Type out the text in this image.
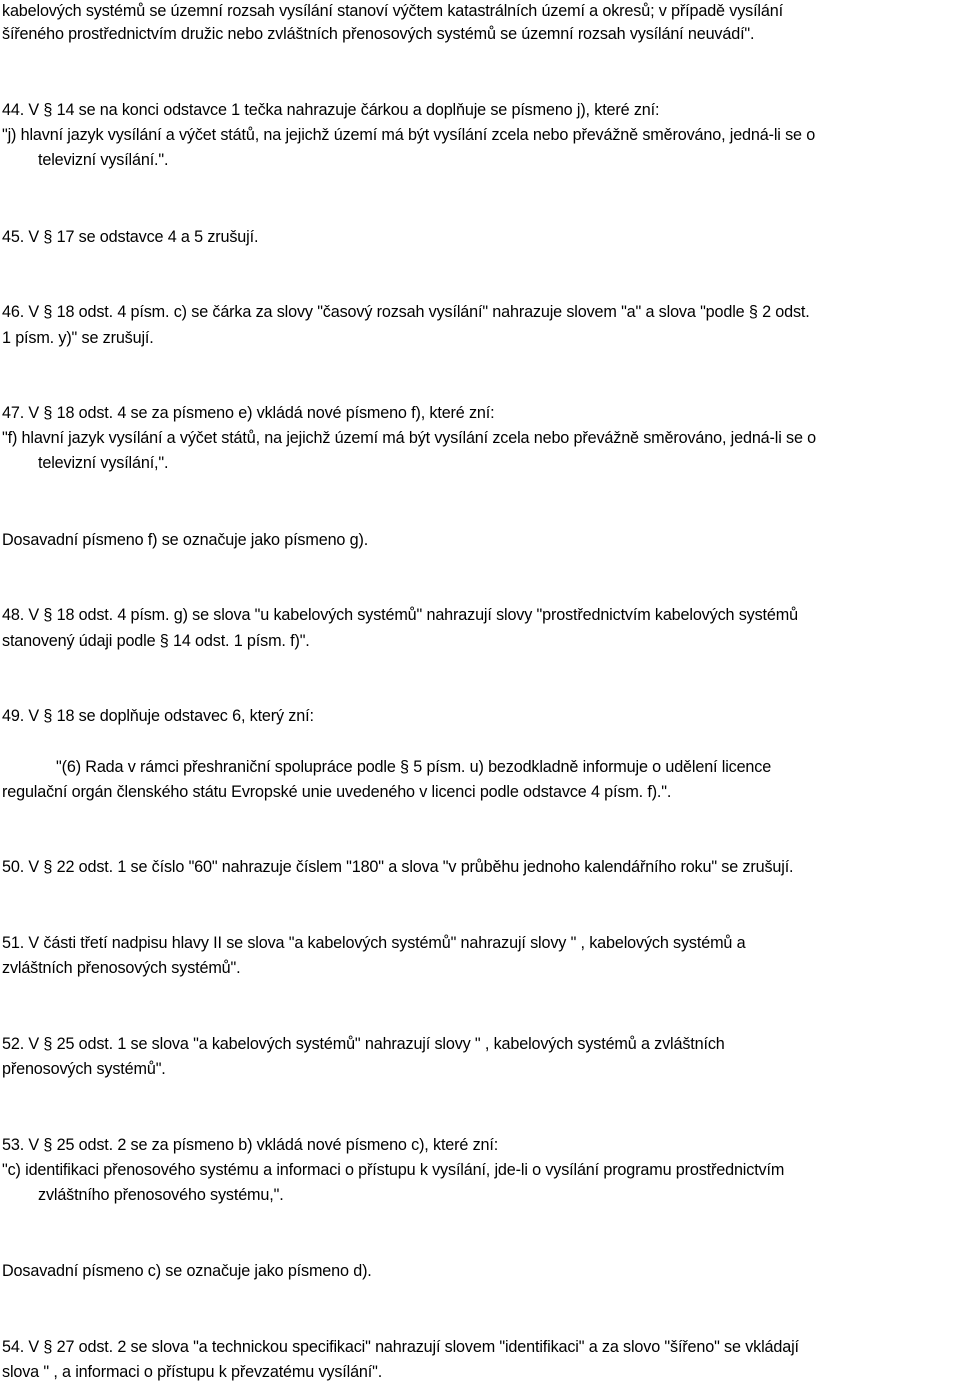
kabelových systémů se územní rozsah vysílání stanoví výčtem katastrálních území a okresů; v případě vysílání
šířeného prostřednictvím družic nebo zvláštních přenosových systémů se územní rozsah vysílání neuvádí".
44. V § 14 se na konci odstavce 1 tečka nahrazuje čárkou a doplňuje se písmeno j), které zní:
"j) hlavní jazyk vysílání a výčet států, na jejichž území má být vysílání zcela nebo převážně směrováno, jedná-li se o
televizní vysílání.".
45. V § 17 se odstavce 4 a 5 zrušují.
46. V § 18 odst. 4 písm. c) se čárka za slovy "časový rozsah vysílání" nahrazuje slovem "a" a slova "podle § 2 odst.
1 písm. y)" se zrušují.
47. V § 18 odst. 4 se za písmeno e) vkládá nové písmeno f), které zní:
"f) hlavní jazyk vysílání a výčet států, na jejichž území má být vysílání zcela nebo převážně směrováno, jedná-li se o
televizní vysílání,".
Dosavadní písmeno f) se označuje jako písmeno g).
48. V § 18 odst. 4 písm. g) se slova "u kabelových systémů" nahrazují slovy "prostřednictvím kabelových systémů
stanovený údaji podle § 14 odst. 1 písm. f)".
49. V § 18 se doplňuje odstavec 6, který zní:
"(6) Rada v rámci přeshraniční spolupráce podle § 5 písm. u) bezodkladně informuje o udělení licence
regulační orgán členského státu Evropské unie uvedeného v licenci podle odstavce 4 písm. f).".
50. V § 22 odst. 1 se číslo "60" nahrazuje číslem "180" a slova "v průběhu jednoho kalendářního roku" se zrušují.
51. V části třetí nadpisu hlavy II se slova "a kabelových systémů" nahrazují slovy " , kabelových systémů a
zvláštních přenosových systémů".
52. V § 25 odst. 1 se slova "a kabelových systémů" nahrazují slovy " , kabelových systémů a zvláštních
přenosových systémů".
53. V § 25 odst. 2 se za písmeno b) vkládá nové písmeno c), které zní:
"c) identifikaci přenosového systému a informaci o přístupu k vysílání, jde-li o vysílání programu prostřednictvím
zvláštního přenosového systému,".
Dosavadní písmeno c) se označuje jako písmeno d).
54. V § 27 odst. 2 se slova "a technickou specifikaci" nahrazují slovem "identifikaci" a za slovo "šířeno" se vkládají
slova " , a informaci o přístupu k převzatému vysílání".
